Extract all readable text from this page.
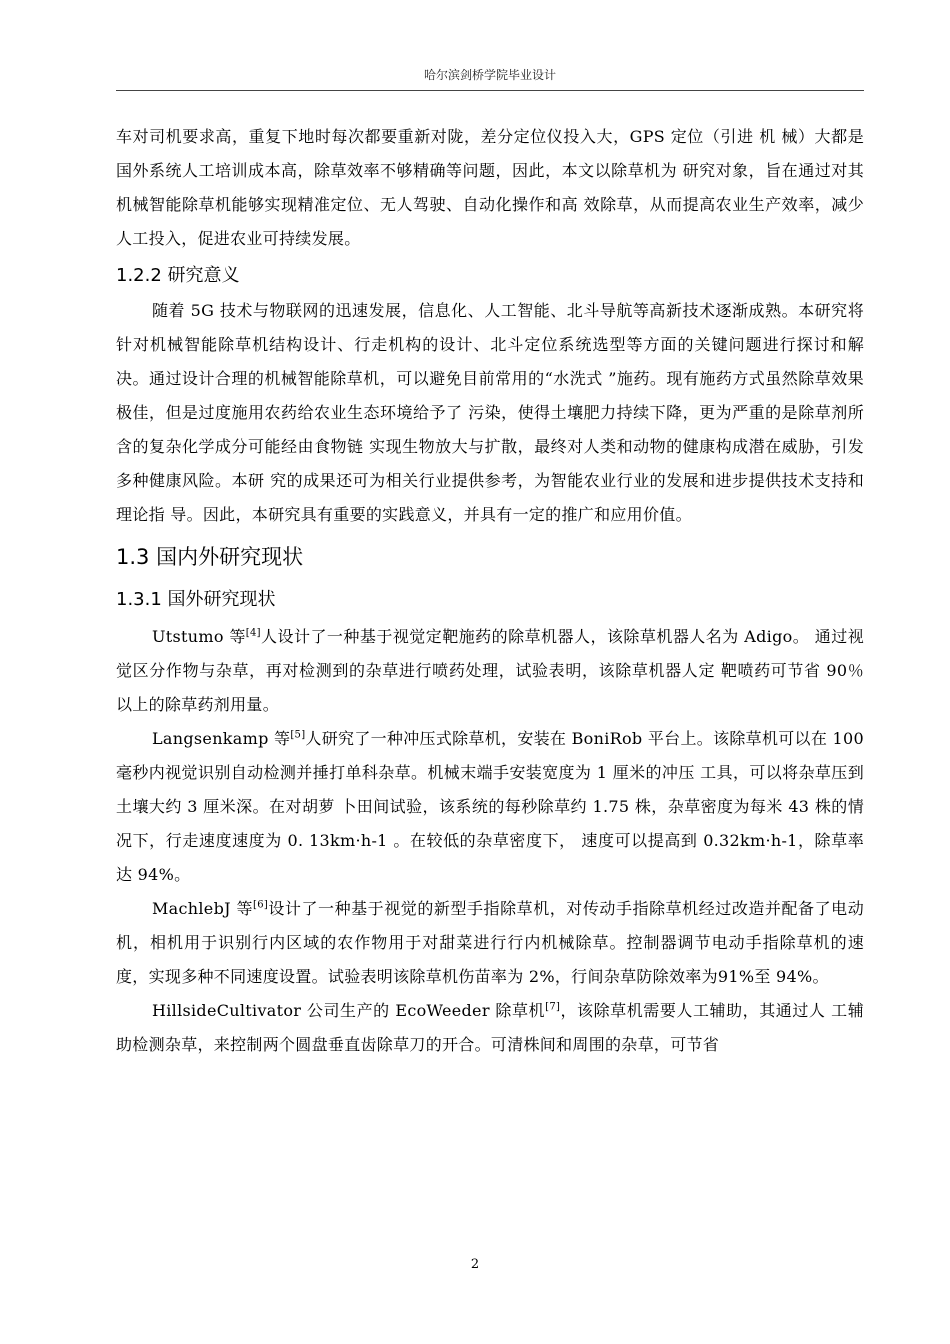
哈尔滨剑桥学院毕业设计

车对司机要求高，重复下地时每次都要重新对陇，差分定位仪投入大，GPS 定位（引进 机 械）大都是国外系统人工培训成本高，除草效率不够精确等问题，因此，本文以除草机为 研究对象，旨在通过对其机械智能除草机能够实现精准定位、无人驾驶、自动化操作和高 效除草，从而提高农业生产效率，减少人工投入，促进农业可持续发展。

1.2.2 研究意义

随着 5G 技术与物联网的迅速发展，信息化、人工智能、北斗导航等高新技术逐渐成熟。本研究将针对机械智能除草机结构设计、行走机构的设计、北斗定位系统选型等方面的关键问题进行探讨和解决。通过设计合理的机械智能除草机，可以避免目前常用的“水洗式 ”施药。现有施药方式虽然除草效果极佳，但是过度施用农药给农业生态环境给予了 污染，使得土壤肥力持续下降，更为严重的是除草剂所含的复杂化学成分可能经由食物链 实现生物放大与扩散，最终对人类和动物的健康构成潜在威胁，引发多种健康风险。本研 究的成果还可为相关行业提供参考，为智能农业行业的发展和进步提供技术支持和理论指 导。因此，本研究具有重要的实践意义，并具有一定的推广和应用价值。

1.3 国内外研究现状
1.3.1 国外研究现状

Utstumo 等[4]人设计了一种基于视觉定靶施药的除草机器人，该除草机器人名为 Adigo。 通过视觉区分作物与杂草，再对检测到的杂草进行喷药处理，试验表明，该除草机器人定 靶喷药可节省 90％以上的除草药剂用量。

Langsenkamp 等[5]人研究了一种冲压式除草机，安装在 BoniRob 平台上。该除草机可以在 100 毫秒内视觉识别自动检测并捶打单科杂草。机械末端手安装宽度为 1 厘米的冲压 工具，可以将杂草压到土壤大约 3 厘米深。在对胡萝 卜田间试验，该系统的每秒除草约 1.75 株，杂草密度为每米 43 株的情况下，行走速度速度为 0. 13km·h-1 。在较低的杂草密度下， 速度可以提高到 0.32km·h-1，除草率达 94%。

MachlebJ 等[6]设计了一种基于视觉的新型手指除草机，对传动手指除草机经过改造并配备了电动机，相机用于识别行内区域的农作物用于对甜菜进行行内机械除草。控制器调节电动手指除草机的速度，实现多种不同速度设置。试验表明该除草机伤苗率为 2%，行间杂草防除效率为91%至 94%。

HillsideCultivator 公司生产的 EcoWeeder 除草机[7]，该除草机需要人工辅助，其通过人 工辅助检测杂草，来控制两个圆盘垂直齿除草刀的开合。可清株间和周围的杂草，可节省

2
